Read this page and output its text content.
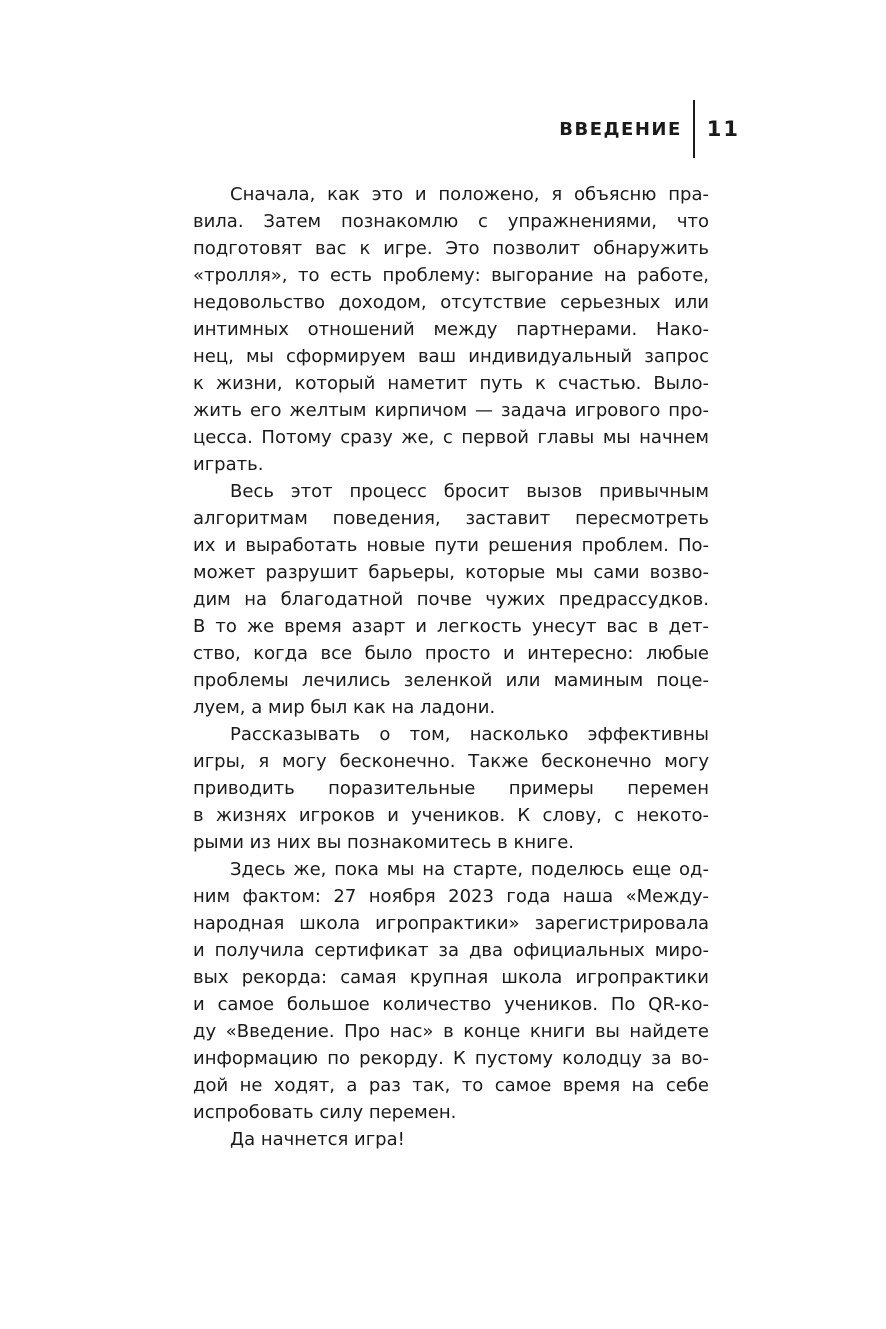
ВВЕДЕНИЕ 11
Сначала, как это и положено, я объясню пра-
вила. Затем познакомлю с упражнениями, что
подготовят вас к игре. Это позволит обнаружить
«тролля», то есть проблему: выгорание на работе,
недовольство доходом, отсутствие серьезных или
интимных отношений между партнерами. Нако-
нец, мы сформируем ваш индивидуальный запрос
к жизни, который наметит путь к счастью. Выло-
жить его желтым кирпичом — задача игрового про-
цесса. Потому сразу же, с первой главы мы начнем
играть.
Весь этот процесс бросит вызов привычным
алгоритмам поведения, заставит пересмотреть
их и выработать новые пути решения проблем. По-
может разрушит барьеры, которые мы сами возво-
дим на благодатной почве чужих предрассудков.
В то же время азарт и легкость унесут вас в дет-
ство, когда все было просто и интересно: любые
проблемы лечились зеленкой или маминым поце-
луем, а мир был как на ладони.
Рассказывать о том, насколько эффективны
игры, я могу бесконечно. Также бесконечно могу
приводить поразительные примеры перемен
в жизнях игроков и учеников. К слову, с некото-
рыми из них вы познакомитесь в книге.
Здесь же, пока мы на старте, поделюсь еще од-
ним фактом: 27 ноября 2023 года наша «Между-
народная школа игропрактики» зарегистрировала
и получила сертификат за два официальных миро-
вых рекорда: самая крупная школа игропрактики
и самое большое количество учеников. По QR-ко-
ду «Введение. Про нас» в конце книги вы найдете
информацию по рекорду. К пустому колодцу за во-
дой не ходят, а раз так, то самое время на себе
испробовать силу перемен.
Да начнется игра!
